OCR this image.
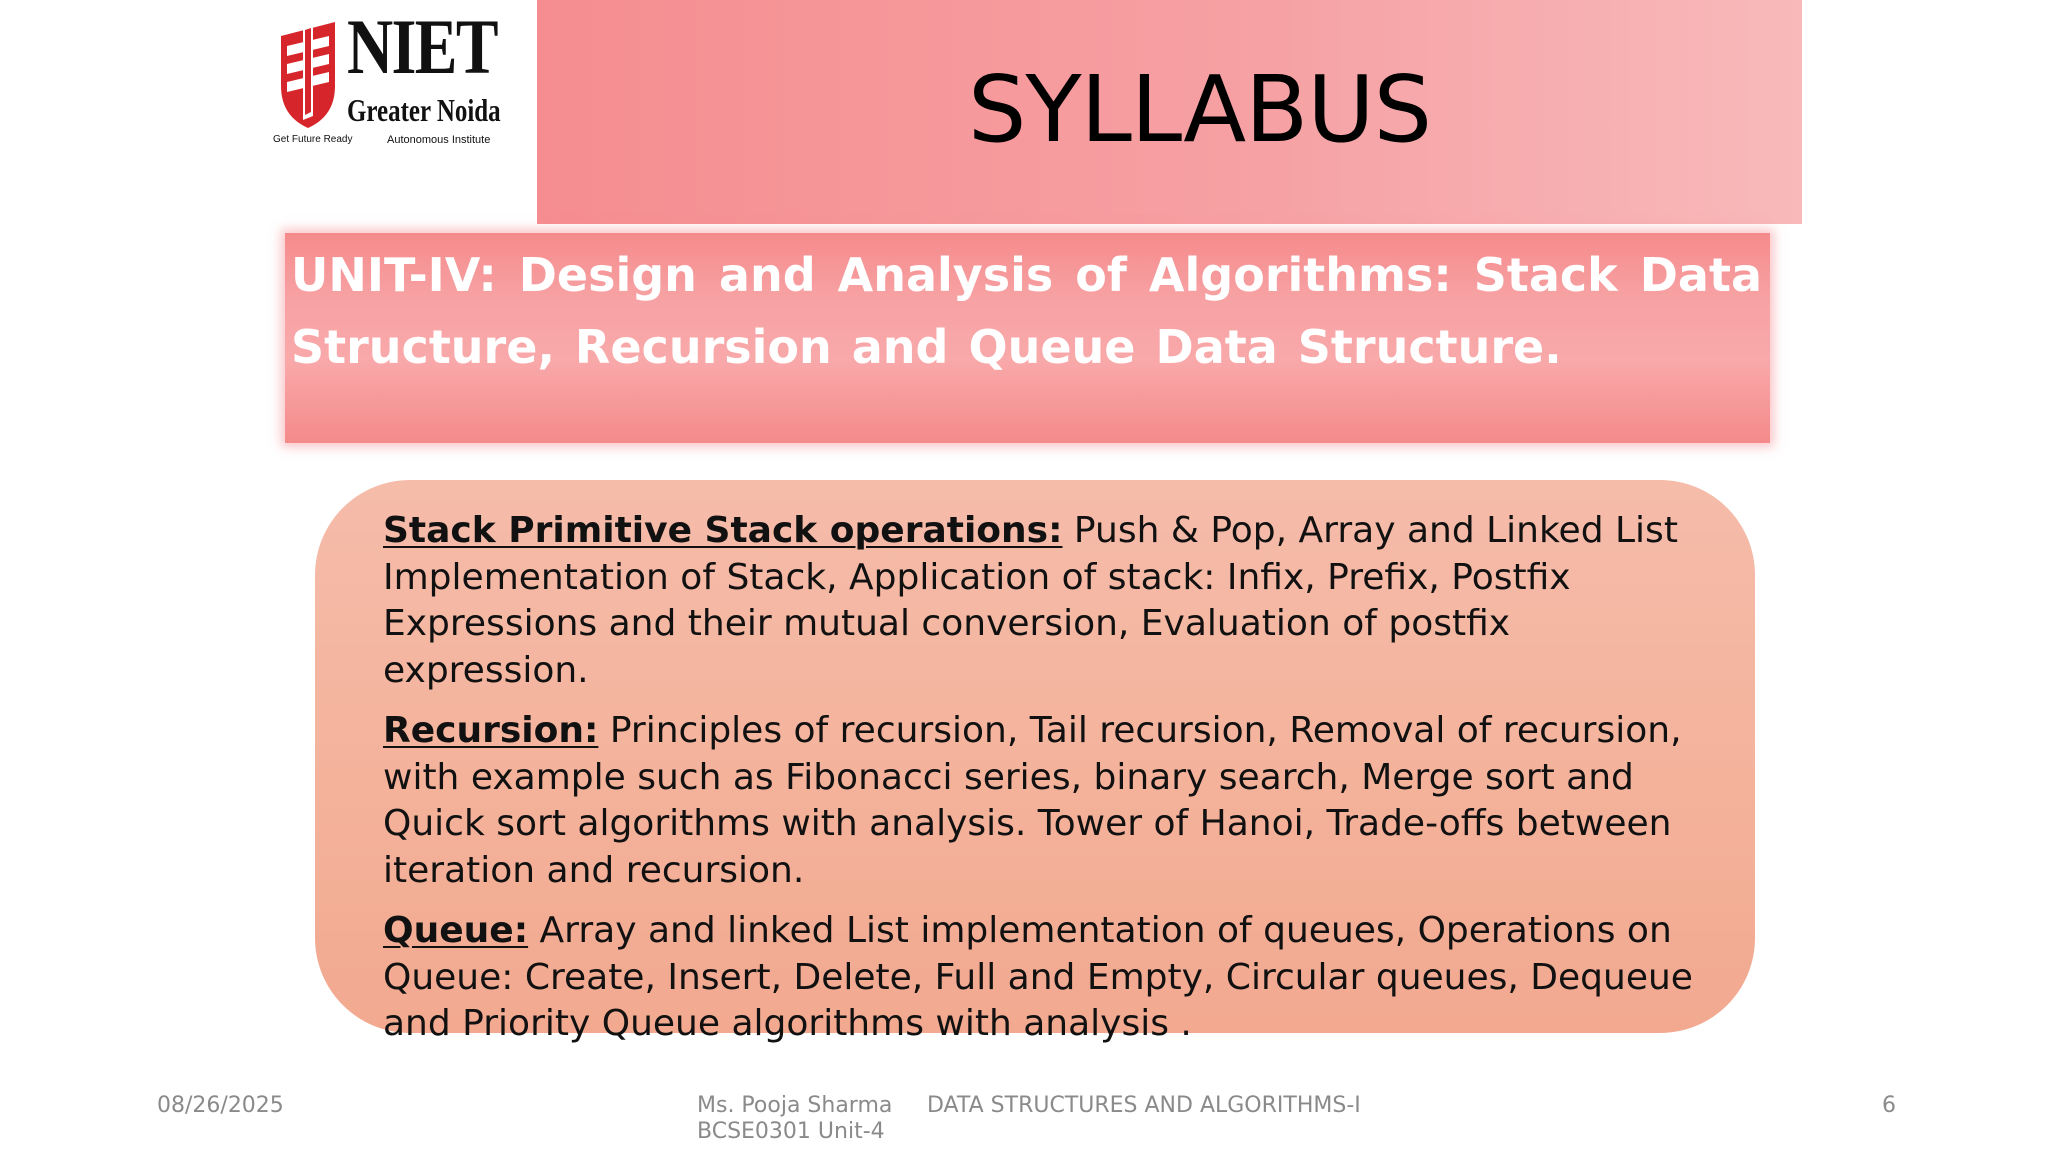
NIET
Greater Noida
Get Future Ready	Autonomous Institute	SYLLABUS
UNIT-IV: Design and Analysis of Algorithms: Stack Data Structure, Recursion and Queue Data Structure.

Stack Primitive Stack operations: Push & Pop, Array and Linked List Implementation of Stack, Application of stack: Infix, Prefix, Postfix Expressions and their mutual conversion, Evaluation of postfix expression.

Recursion: Principles of recursion, Tail recursion, Removal of recursion, with example such as Fibonacci series, binary search, Merge sort and Quick sort algorithms with analysis. Tower of Hanoi, Trade-offs between iteration and recursion.

Queue: Array and linked List implementation of queues, Operations on Queue: Create, Insert, Delete, Full and Empty, Circular queues, Dequeue and Priority Queue algorithms with analysis .

08/26/2025	Ms. Pooja Sharma
BCSE0301 Unit-4
DATA STRUCTURES AND ALGORITHMS-I	6
